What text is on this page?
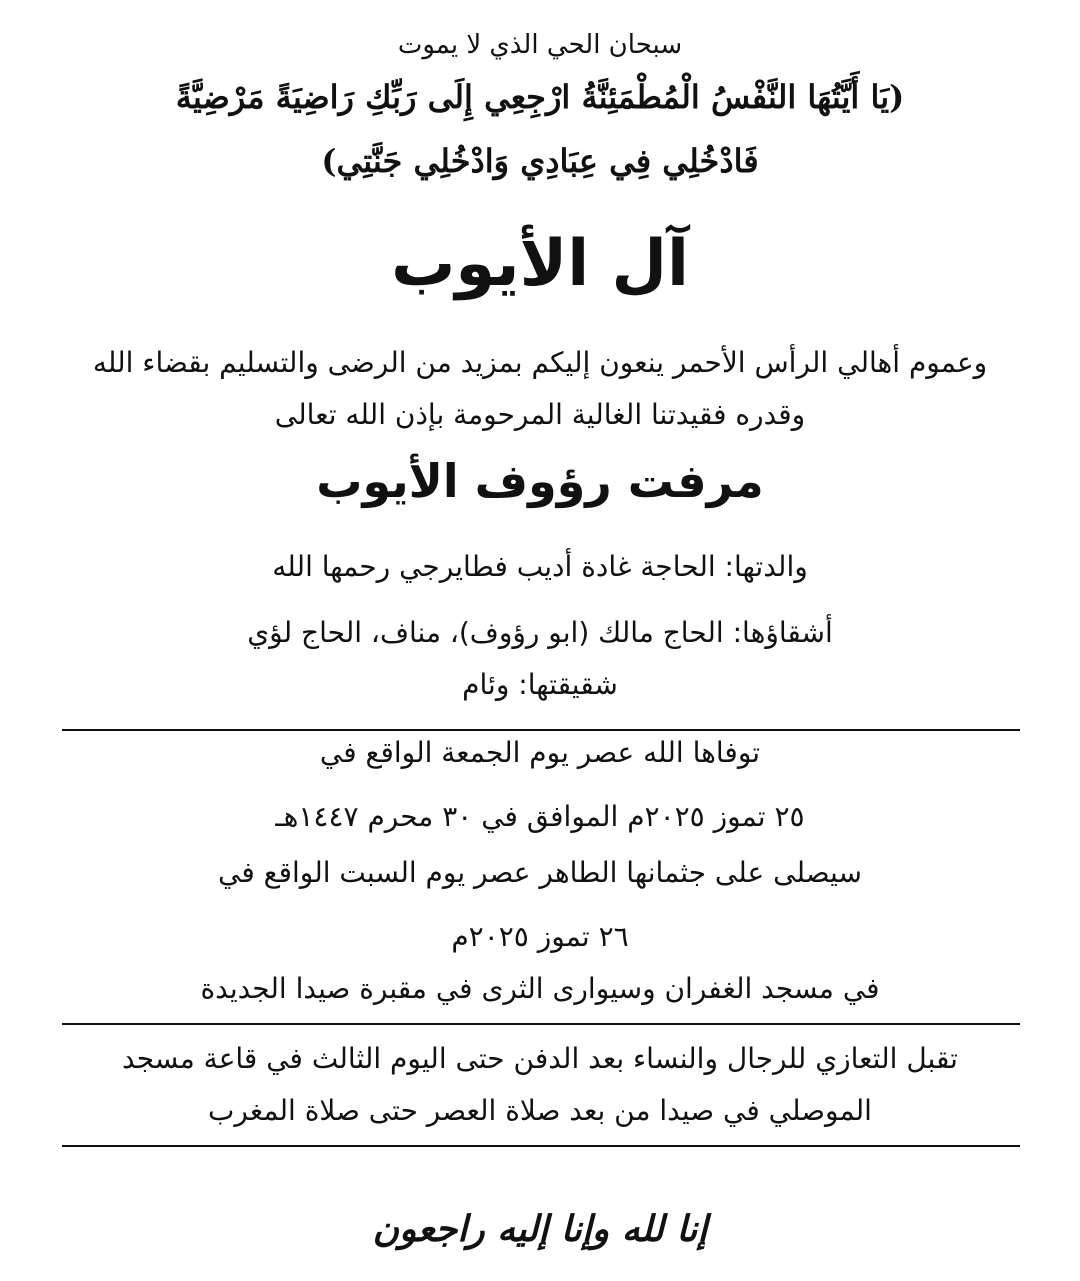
سبحان الحي الذي لا يموت
(يَا أَيَّتُهَا النَّفْسُ الْمُطْمَئِنَّةُ ارْجِعِي إِلَى رَبِّكِ رَاضِيَةً مَرْضِيَّةً
فَادْخُلِي فِي عِبَادِي وَادْخُلِي جَنَّتِي)
آل الأيوب
وعموم أهالي الرأس الأحمر ينعون إليكم بمزيد من الرضى والتسليم بقضاء الله
وقدره فقيدتنا الغالية المرحومة بإذن الله تعالى
مرفت رؤوف الأيوب
والدتها: الحاجة غادة أديب فطايرجي رحمها الله
أشقاؤها: الحاج مالك (ابو رؤوف)، مناف، الحاج لؤي
شقيقتها: وئام
توفاها الله عصر يوم الجمعة الواقع في
٢٥ تموز ٢٠٢٥م الموافق في ٣٠ محرم ١٤٤٧هـ
سيصلى على جثمانها الطاهر عصر يوم السبت الواقع في
٢٦ تموز ٢٠٢٥م
في مسجد الغفران وسيوارى الثرى في مقبرة صيدا الجديدة
تقبل التعازي للرجال والنساء بعد الدفن حتى اليوم الثالث في قاعة مسجد
الموصلي في صيدا من بعد صلاة العصر حتى صلاة المغرب
إنا لله وإنا إليه راجعون
